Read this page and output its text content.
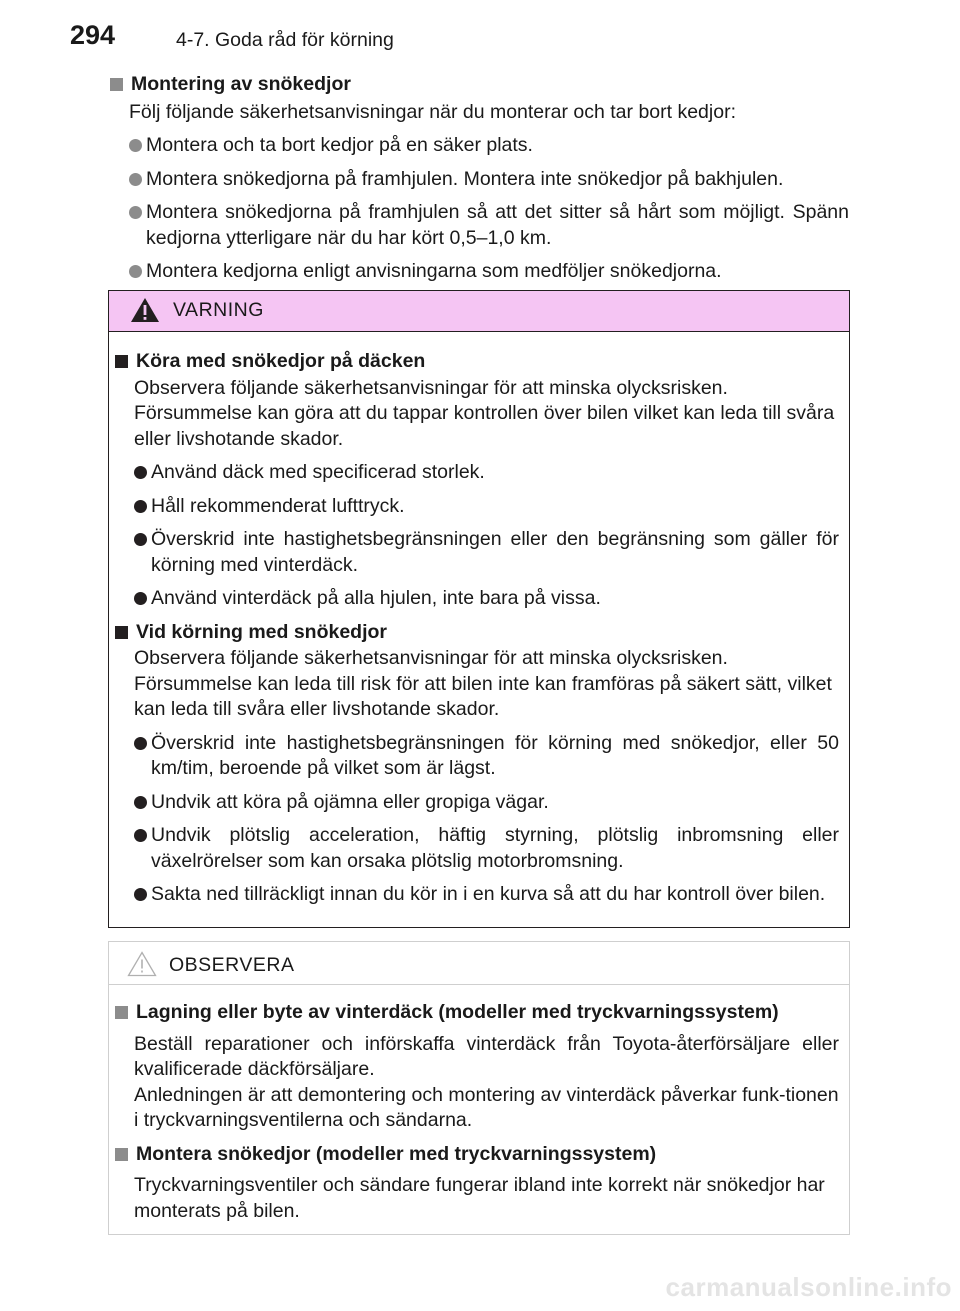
294	4-7. Goda råd för körning
Montering av snökedjor
Följ följande säkerhetsanvisningar när du monterar och tar bort kedjor:
Montera och ta bort kedjor på en säker plats.
Montera snökedjorna på framhjulen. Montera inte snökedjor på bakhjulen.
Montera snökedjorna på framhjulen så att det sitter så hårt som möjligt. Spänn kedjorna ytterligare när du har kört 0,5–1,0 km.
Montera kedjorna enligt anvisningarna som medföljer snökedjorna.
VARNING
Köra med snökedjor på däcken
Observera följande säkerhetsanvisningar för att minska olycksrisken. Försummelse kan göra att du tappar kontrollen över bilen vilket kan leda till svåra eller livshotande skador.
Använd däck med specificerad storlek.
Håll rekommenderat lufttryck.
Överskrid inte hastighetsbegränsningen eller den begränsning som gäller för körning med vinterdäck.
Använd vinterdäck på alla hjulen, inte bara på vissa.
Vid körning med snökedjor
Observera följande säkerhetsanvisningar för att minska olycksrisken. Försummelse kan leda till risk för att bilen inte kan framföras på säkert sätt, vilket kan leda till svåra eller livshotande skador.
Överskrid inte hastighetsbegränsningen för körning med snökedjor, eller 50 km/tim, beroende på vilket som är lägst.
Undvik att köra på ojämna eller gropiga vägar.
Undvik plötslig acceleration, häftig styrning, plötslig inbromsning eller växelrörelser som kan orsaka plötslig motorbromsning.
Sakta ned tillräckligt innan du kör in i en kurva så att du har kontroll över bilen.
OBSERVERA
Lagning eller byte av vinterdäck (modeller med tryckvarningssystem)
Beställ reparationer och införskaffa vinterdäck från Toyota-återförsäljare eller kvalificerade däckförsäljare.
Anledningen är att demontering och montering av vinterdäck påverkar funk-tionen i tryckvarningsventilerna och sändarna.
Montera snökedjor (modeller med tryckvarningssystem)
Tryckvarningsventiler och sändare fungerar ibland inte korrekt när snökedjor har monterats på bilen.
carmanualsonline.info
